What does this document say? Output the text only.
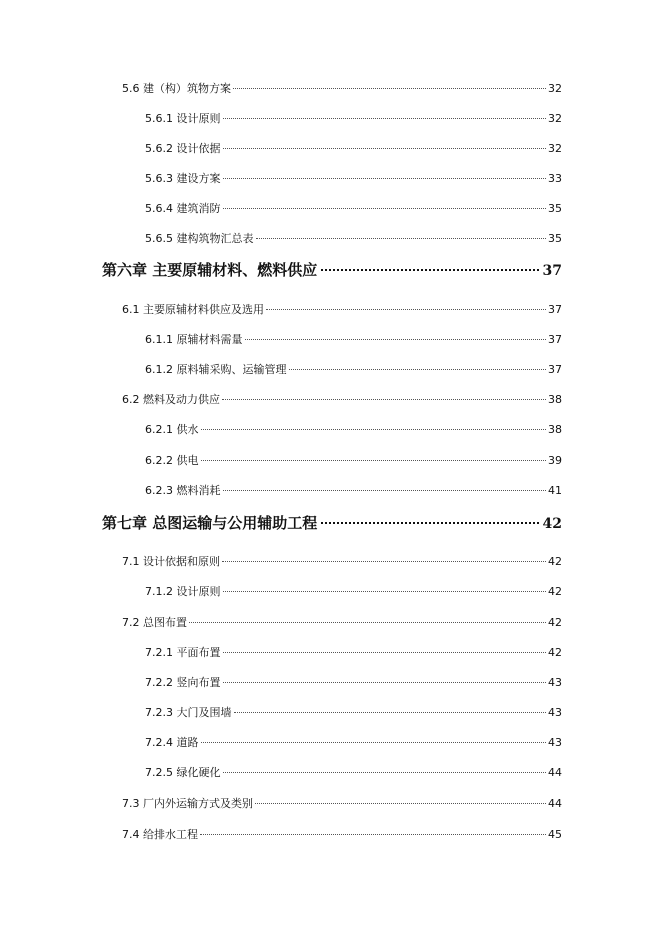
5.6 建（构）筑物方案	32
5.6.1 设计原则	32
5.6.2 设计依据	32
5.6.3 建设方案	33
5.6.4 建筑消防	35
5.6.5 建构筑物汇总表	35
第六章 主要原辅材料、燃料供应	37
6.1 主要原辅材料供应及选用	37
6.1.1 原辅材料需量	37
6.1.2 原料辅采购、运输管理	37
6.2 燃料及动力供应	38
6.2.1 供水	38
6.2.2 供电	39
6.2.3 燃料消耗	41
第七章 总图运输与公用辅助工程	42
7.1 设计依据和原则	42
7.1.2 设计原则	42
7.2 总图布置	42
7.2.1 平面布置	42
7.2.2 竖向布置	43
7.2.3 大门及围墙	43
7.2.4 道路	43
7.2.5 绿化硬化	44
7.3 厂内外运输方式及类别	44
7.4 给排水工程	45
